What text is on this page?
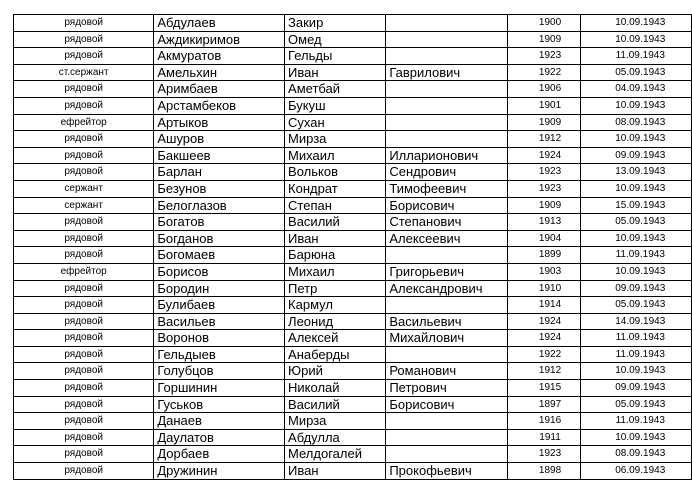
рядовой	Абдулаев	Закир		1900	10.09.1943
рядовой	Аждикиримов	Омед		1909	10.09.1943
рядовой	Акмуратов	Гельды		1923	11.09.1943
ст.сержант	Амельхин	Иван	Гаврилович	1922	05.09.1943
рядовой	Аримбаев	Аметбай		1906	04.09.1943
рядовой	Арстамбеков	Букуш		1901	10.09.1943
ефрейтор	Артыков	Сухан		1909	08.09.1943
рядовой	Ашуров	Мирза		1912	10.09.1943
рядовой	Бакшеев	Михаил	Илларионович	1924	09.09.1943
рядовой	Барлан	Вольков	Сендрович	1923	13.09.1943
сержант	Безунов	Кондрат	Тимофеевич	1923	10.09.1943
сержант	Белоглазов	Степан	Борисович	1909	15.09.1943
рядовой	Богатов	Василий	Степанович	1913	05.09.1943
рядовой	Богданов	Иван	Алексеевич	1904	10.09.1943
рядовой	Богомаев	Барюна		1899	11.09.1943
ефрейтор	Борисов	Михаил	Григорьевич	1903	10.09.1943
рядовой	Бородин	Петр	Александрович	1910	09.09.1943
рядовой	Булибаев	Кармул		1914	05.09.1943
рядовой	Васильев	Леонид	Васильевич	1924	14.09.1943
рядовой	Воронов	Алексей	Михайлович	1924	11.09.1943
рядовой	Гельдыев	Анаберды		1922	11.09.1943
рядовой	Голубцов	Юрий	Романович	1912	10.09.1943
рядовой	Горшинин	Николай	Петрович	1915	09.09.1943
рядовой	Гуськов	Василий	Борисович	1897	05.09.1943
рядовой	Данаев	Мирза		1916	11.09.1943
рядовой	Даулатов	Абдулла		1911	10.09.1943
рядовой	Дорбаев	Мелдогалей		1923	08.09.1943
рядовой	Дружинин	Иван	Прокофьевич	1898	06.09.1943
